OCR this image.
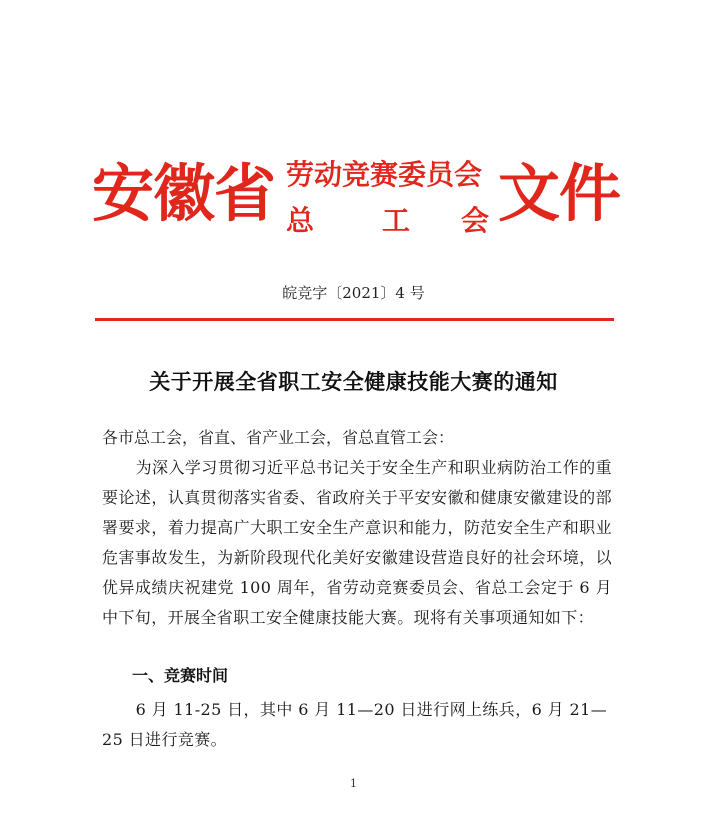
安徽省 劳动竞赛委员会
总 工 会 文件
皖竞字〔2021〕4 号
关于开展全省职工安全健康技能大赛的通知
各市总工会，省直、省产业工会，省总直管工会：
为深入学习贯彻习近平总书记关于安全生产和职业病防治工作的重要论述，认真贯彻落实省委、省政府关于平安安徽和健康安徽建设的部署要求，着力提高广大职工安全生产意识和能力，防范安全生产和职业危害事故发生，为新阶段现代化美好安徽建设营造良好的社会环境，以优异成绩庆祝建党 100 周年，省劳动竞赛委员会、省总工会定于 6 月中下旬，开展全省职工安全健康技能大赛。现将有关事项通知如下：
一、竞赛时间
6 月 11-25 日，其中 6 月 11—20 日进行网上练兵，6 月 21—25 日进行竞赛。
1
